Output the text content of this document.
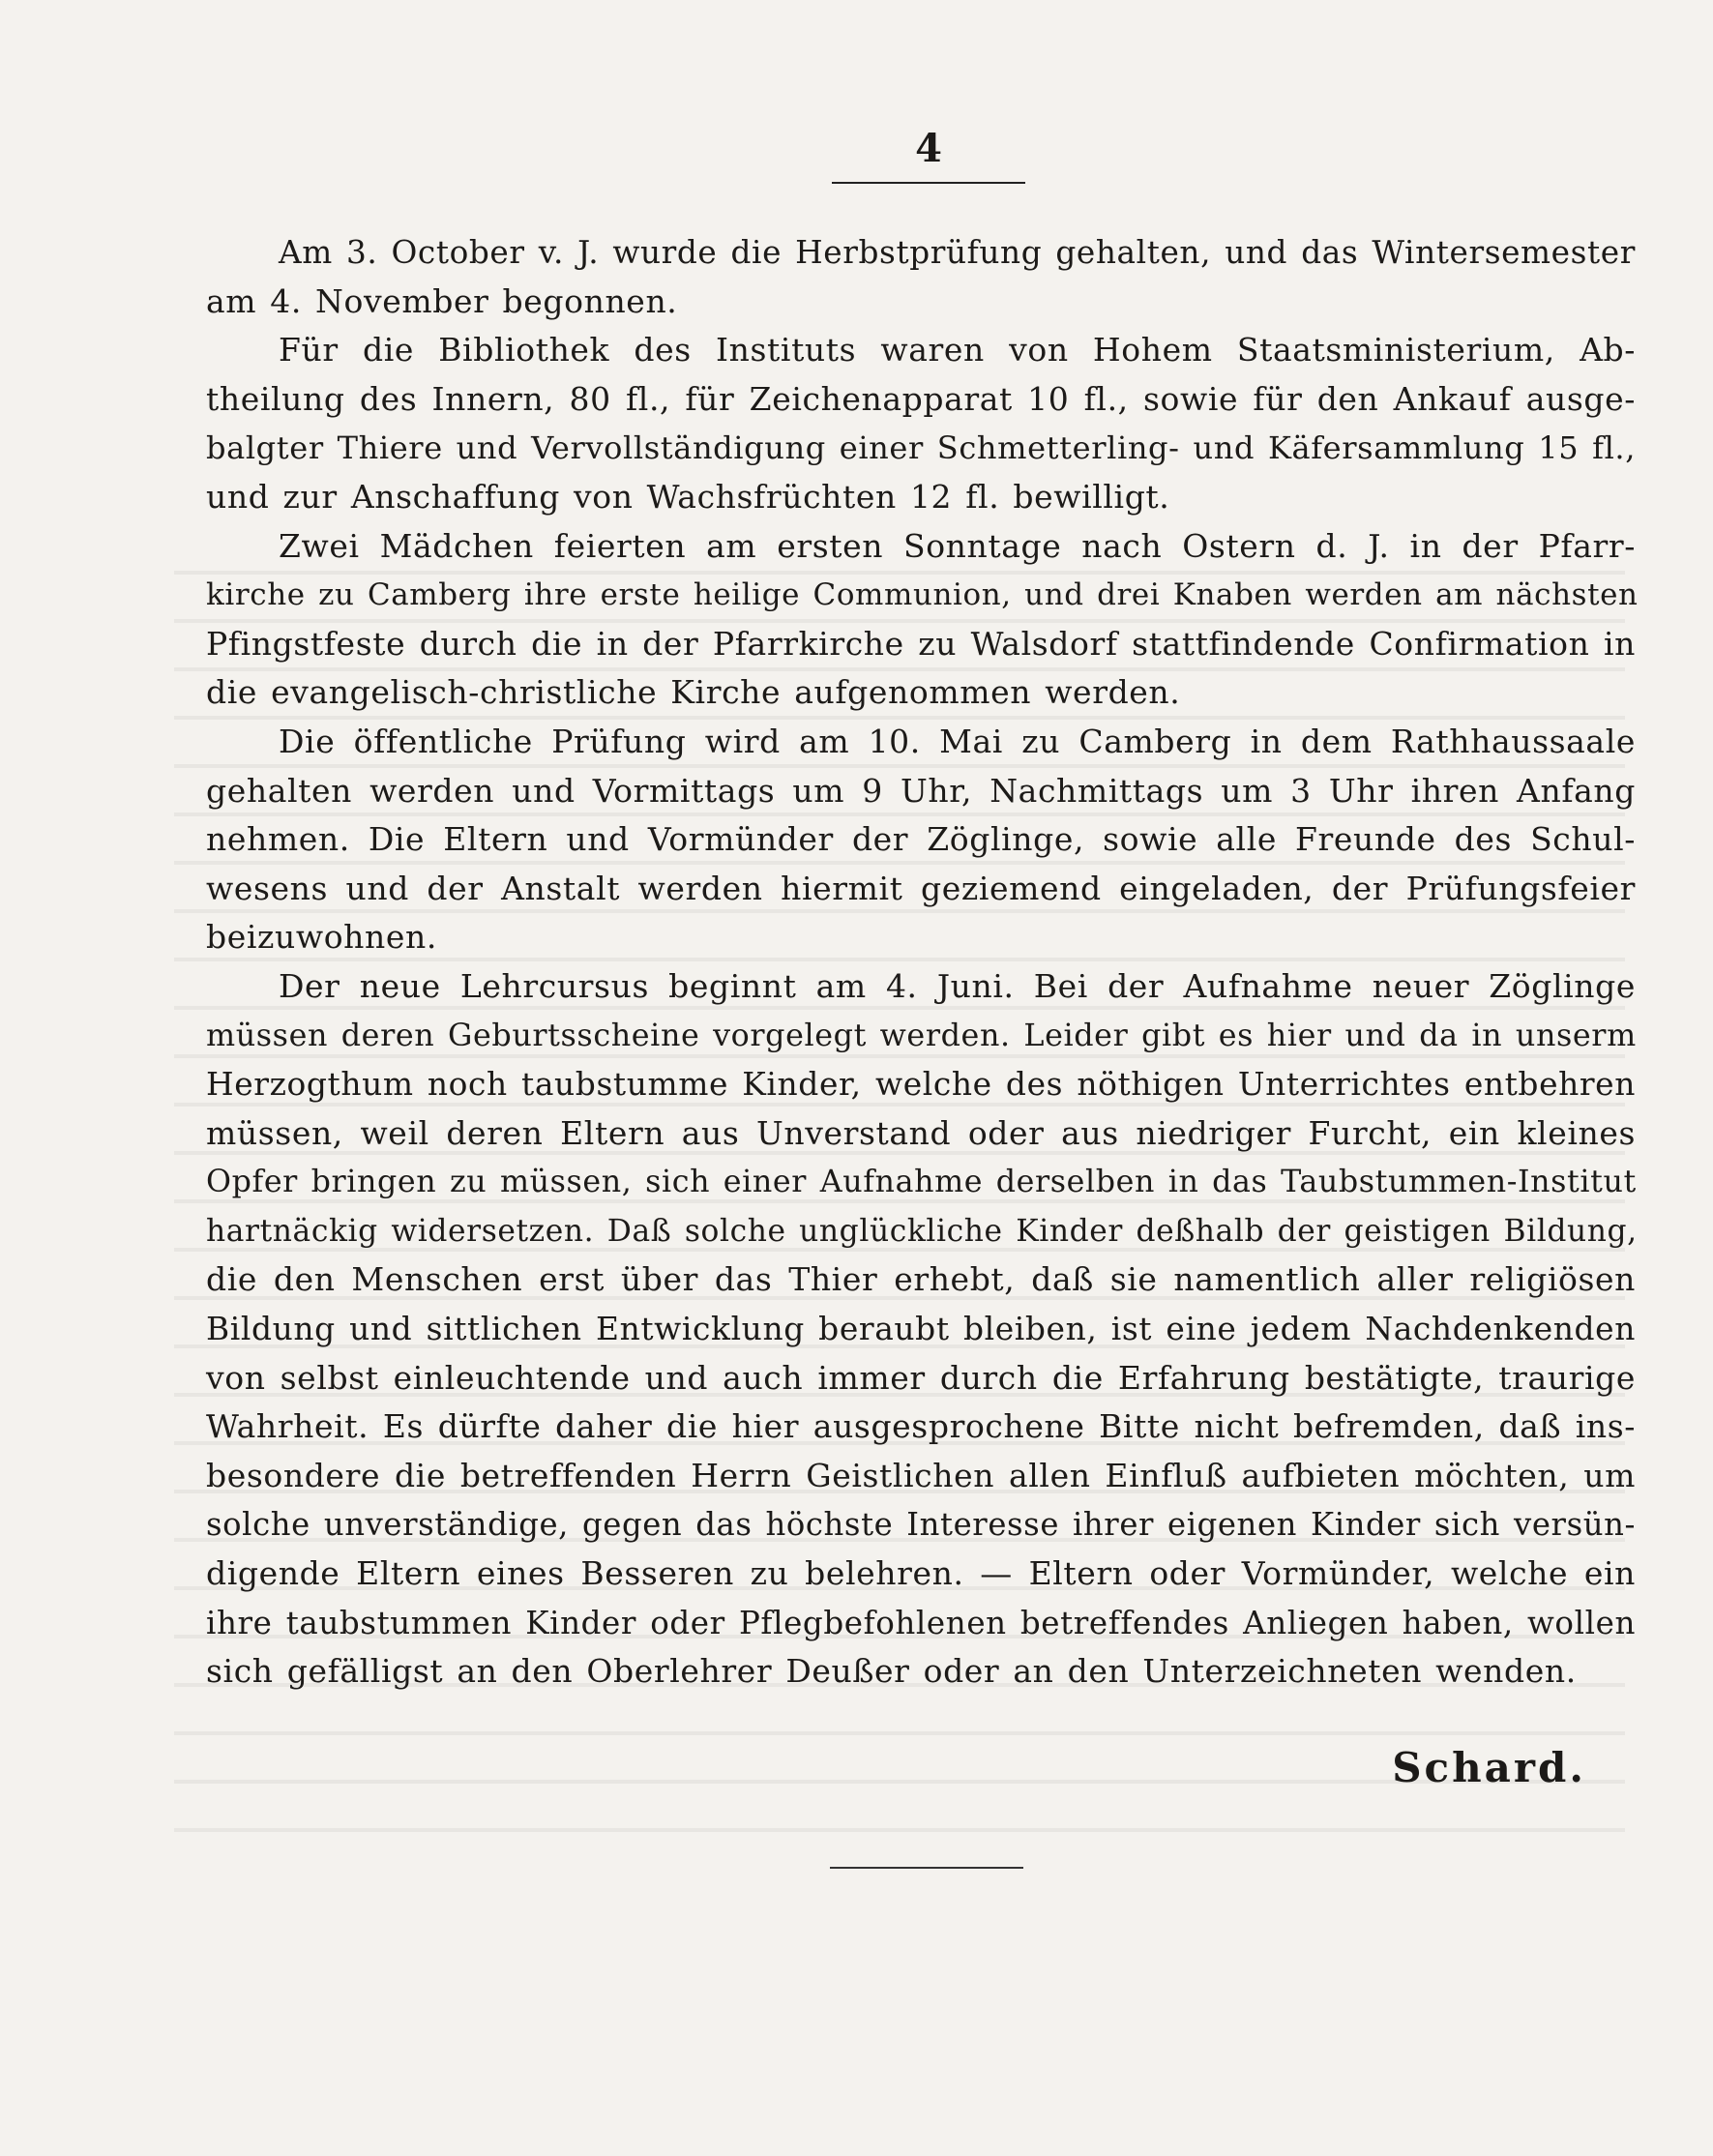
4

Am 3. October v. J. wurde die Herbstprüfung gehalten, und das Wintersemester
am 4. November begonnen.

Für die Bibliothek des Instituts waren von Hohem Staatsministerium, Ab-
theilung des Innern, 80 fl., für Zeichenapparat 10 fl., sowie für den Ankauf ausge-
balgter Thiere und Vervollständigung einer Schmetterling- und Käfersammlung 15 fl.,
und zur Anschaffung von Wachsfrüchten 12 fl. bewilligt.

Zwei Mädchen feierten am ersten Sonntage nach Ostern d. J. in der Pfarr-
kirche zu Camberg ihre erste heilige Communion, und drei Knaben werden am nächsten
Pfingstfeste durch die in der Pfarrkirche zu Walsdorf stattfindende Confirmation in
die evangelisch-christliche Kirche aufgenommen werden.

Die öffentliche Prüfung wird am 10. Mai zu Camberg in dem Rathhaussaale
gehalten werden und Vormittags um 9 Uhr, Nachmittags um 3 Uhr ihren Anfang
nehmen. Die Eltern und Vormünder der Zöglinge, sowie alle Freunde des Schul-
wesens und der Anstalt werden hiermit geziemend eingeladen, der Prüfungsfeier
beizuwohnen.

Der neue Lehrcursus beginnt am 4. Juni. Bei der Aufnahme neuer Zöglinge
müssen deren Geburtsscheine vorgelegt werden. Leider gibt es hier und da in unserm
Herzogthum noch taubstumme Kinder, welche des nöthigen Unterrichtes entbehren
müssen, weil deren Eltern aus Unverstand oder aus niedriger Furcht, ein kleines
Opfer bringen zu müssen, sich einer Aufnahme derselben in das Taubstummen-Institut
hartnäckig widersetzen. Daß solche unglückliche Kinder deßhalb der geistigen Bildung,
die den Menschen erst über das Thier erhebt, daß sie namentlich aller religiösen
Bildung und sittlichen Entwicklung beraubt bleiben, ist eine jedem Nachdenkenden
von selbst einleuchtende und auch immer durch die Erfahrung bestätigte, traurige
Wahrheit. Es dürfte daher die hier ausgesprochene Bitte nicht befremden, daß ins-
besondere die betreffenden Herrn Geistlichen allen Einfluß aufbieten möchten, um
solche unverständige, gegen das höchste Interesse ihrer eigenen Kinder sich versün-
digende Eltern eines Besseren zu belehren. — Eltern oder Vormünder, welche ein
ihre taubstummen Kinder oder Pflegbefohlenen betreffendes Anliegen haben, wollen
sich gefälligst an den Oberlehrer Deußer oder an den Unterzeichneten wenden.

Schard.
